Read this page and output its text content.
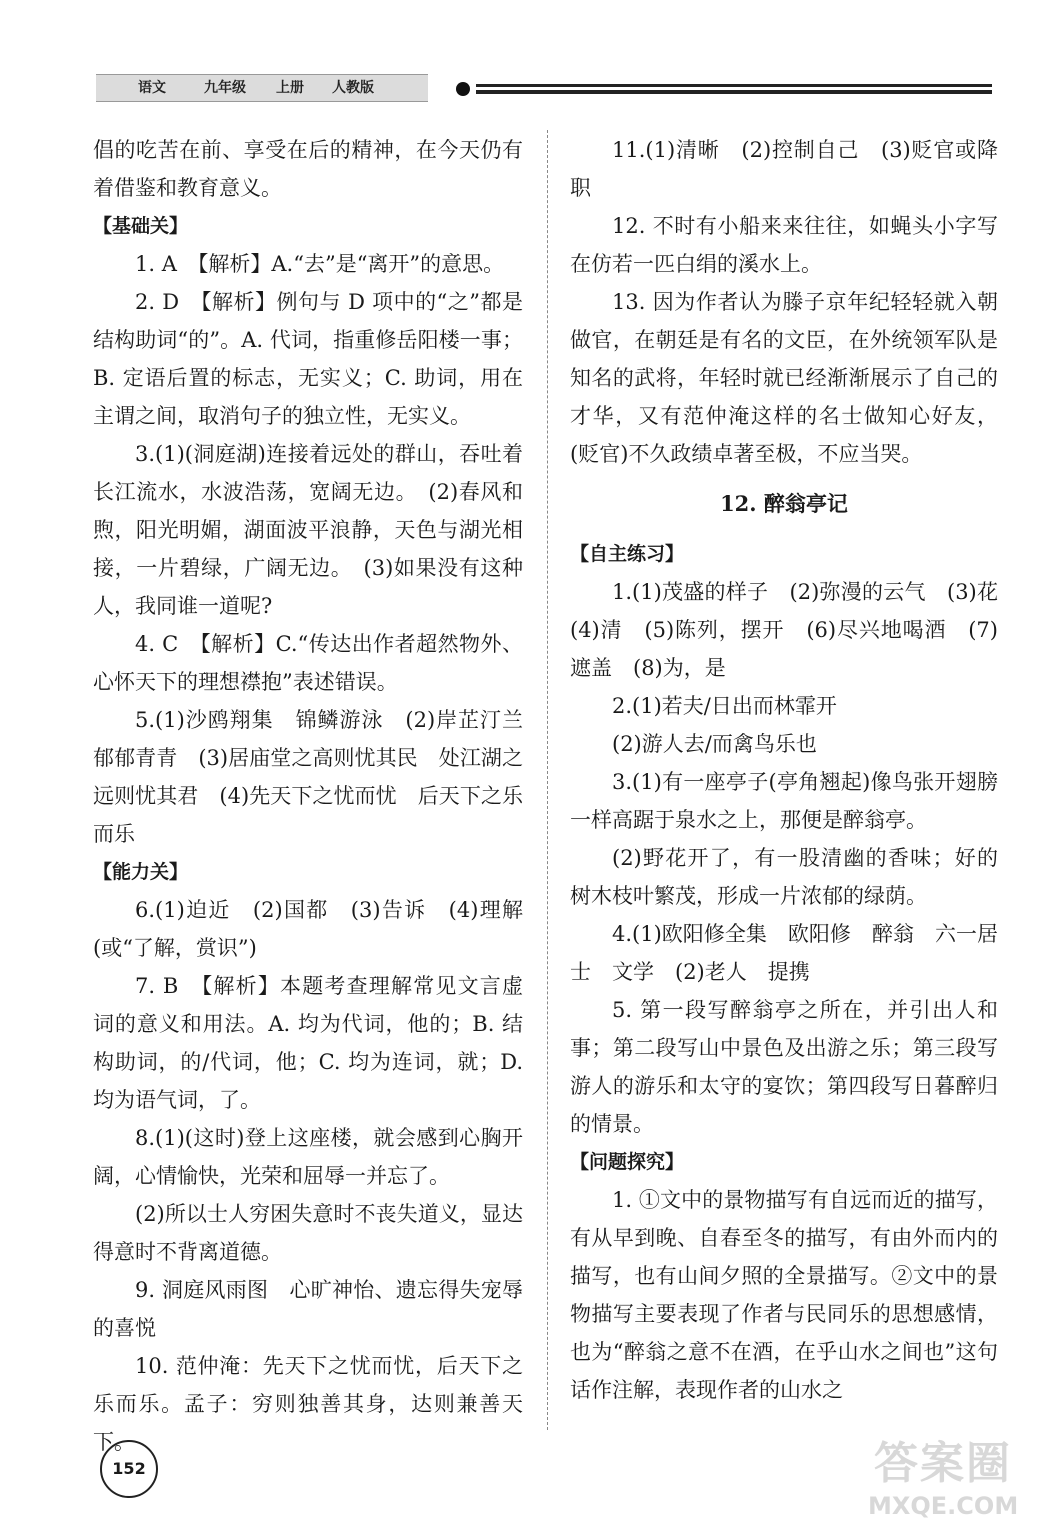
语文	九年级 上册 人教版

倡的吃苦在前、享受在后的精神，在今天仍有着借鉴和教育意义。

【基础关】

1. A　【解析】A.“去”是“离开”的意思。

2. D　【解析】例句与 D 项中的“之”都是结构助词“的”。A. 代词，指重修岳阳楼一事；B. 定语后置的标志，无实义；C. 助词，用在主谓之间，取消句子的独立性，无实义。

3.(1)(洞庭湖)连接着远处的群山，吞吐着长江流水，水波浩荡，宽阔无边。　(2)春风和煦，阳光明媚，湖面波平浪静，天色与湖光相接，一片碧绿，广阔无边。　(3)如果没有这种人，我同谁一道呢?

4. C　【解析】C.“传达出作者超然物外、心怀天下的理想襟抱”表述错误。

5.(1)沙鸥翔集　锦鳞游泳　(2)岸芷汀兰　郁郁青青　(3)居庙堂之高则忧其民　处江湖之远则忧其君　(4)先天下之忧而忧　后天下之乐而乐

【能力关】

6.(1)迫近　(2)国都　(3)告诉　(4)理解(或“了解，赏识”)

7. B　【解析】本题考查理解常见文言虚词的意义和用法。A. 均为代词，他的；B. 结构助词，的/代词，他；C. 均为连词，就；D. 均为语气词，了。

8.(1)(这时)登上这座楼，就会感到心胸开阔，心情愉快，光荣和屈辱一并忘了。

(2)所以士人穷困失意时不丧失道义，显达得意时不背离道德。

9. 洞庭风雨图　心旷神怡、遗忘得失宠辱的喜悦

10. 范仲淹：先天下之忧而忧，后天下之乐而乐。孟子：穷则独善其身，达则兼善天下。

11.(1)清晰　(2)控制自己　(3)贬官或降职

12. 不时有小船来来往往，如蝇头小字写在仿若一匹白绢的溪水上。

13. 因为作者认为滕子京年纪轻轻就入朝做官，在朝廷是有名的文臣，在外统领军队是知名的武将，年轻时就已经渐渐展示了自己的才华，又有范仲淹这样的名士做知心好友，(贬官)不久政绩卓著至极，不应当哭。

12. 醉翁亭记

【自主练习】

1.(1)茂盛的样子　(2)弥漫的云气　(3)花　(4)清　(5)陈列，摆开　(6)尽兴地喝酒　(7)遮盖　(8)为，是

2.(1)若夫/日出而林霏开

(2)游人去/而禽鸟乐也

3.(1)有一座亭子(亭角翘起)像鸟张开翅膀一样高踞于泉水之上，那便是醉翁亭。

(2)野花开了，有一股清幽的香味；好的树木枝叶繁茂，形成一片浓郁的绿荫。

4.(1)欧阳修全集　欧阳修　醉翁　六一居士　文学　(2)老人　提携

5. 第一段写醉翁亭之所在，并引出人和事；第二段写山中景色及出游之乐；第三段写游人的游乐和太守的宴饮；第四段写日暮醉归的情景。

【问题探究】

1. ①文中的景物描写有自远而近的描写，有从早到晚、自春至冬的描写，有由外而内的描写，也有山间夕照的全景描写。②文中的景物描写主要表现了作者与民同乐的思想感情，也为“醉翁之意不在酒，在乎山水之间也”这句话作注解，表现作者的山水之

152	答案圈
MXQE.COM
